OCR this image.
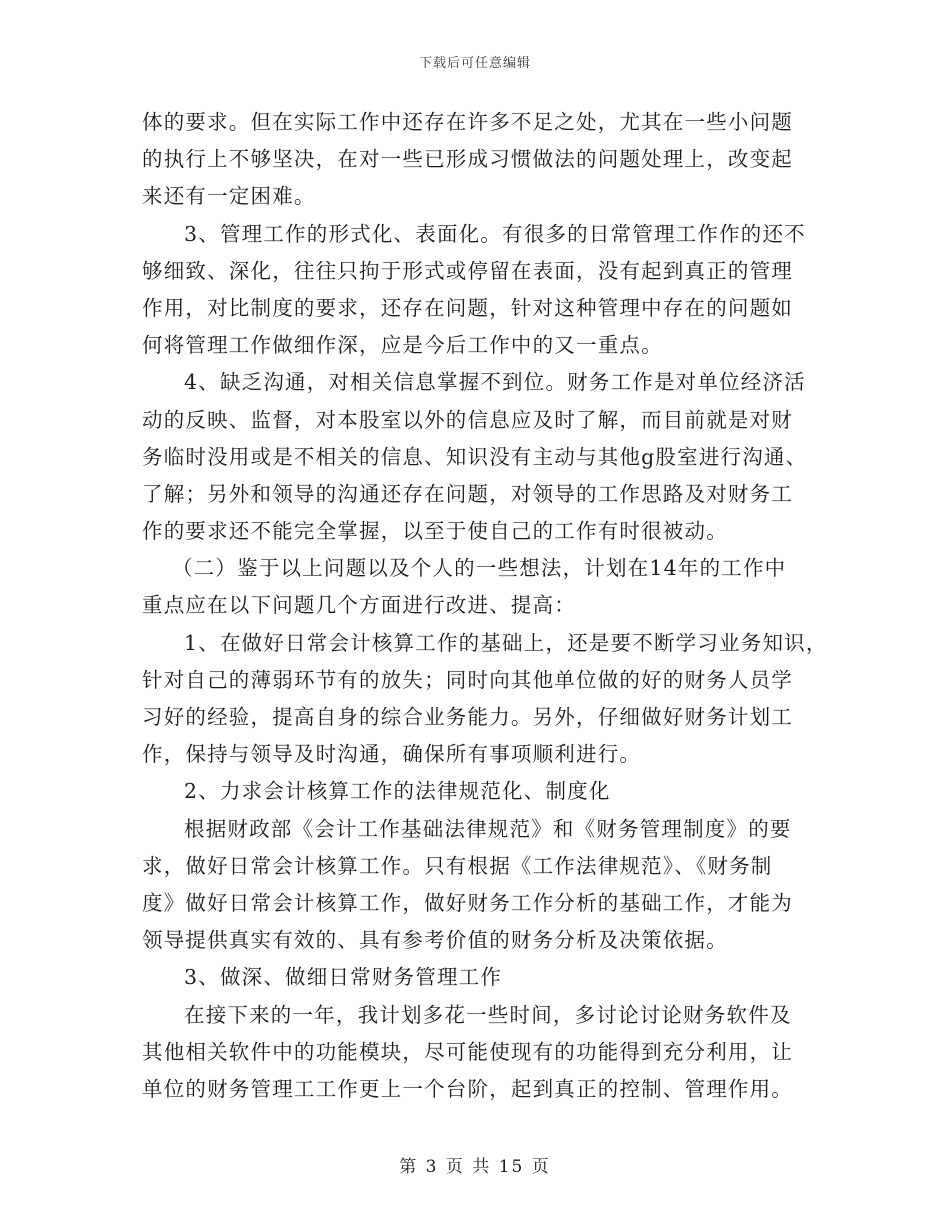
下载后可任意编辑
体的要求。但在实际工作中还存在许多不足之处，尤其在一些小问题
的执行上不够坚决，在对一些已形成习惯做法的问题处理上，改变起
来还有一定困难。
3、管理工作的形式化、表面化。有很多的日常管理工作作的还不
够细致、深化，往往只拘于形式或停留在表面，没有起到真正的管理
作用，对比制度的要求，还存在问题，针对这种管理中存在的问题如
何将管理工作做细作深，应是今后工作中的又一重点。
4、缺乏沟通，对相关信息掌握不到位。财务工作是对单位经济活
动的反映、监督，对本股室以外的信息应及时了解，而目前就是对财
务临时没用或是不相关的信息、知识没有主动与其他g股室进行沟通、
了解；另外和领导的沟通还存在问题，对领导的工作思路及对财务工
作的要求还不能完全掌握，以至于使自己的工作有时很被动。
（二）鉴于以上问题以及个人的一些想法，计划在14年的工作中
重点应在以下问题几个方面进行改进、提高：
1、在做好日常会计核算工作的基础上，还是要不断学习业务知识，
针对自己的薄弱环节有的放失；同时向其他单位做的好的财务人员学
习好的经验，提高自身的综合业务能力。另外，仔细做好财务计划工
作，保持与领导及时沟通，确保所有事项顺利进行。
2、力求会计核算工作的法律规范化、制度化
根据财政部《会计工作基础法律规范》和《财务管理制度》的要
求，做好日常会计核算工作。只有根据《工作法律规范》、《财务制
度》做好日常会计核算工作，做好财务工作分析的基础工作，才能为
领导提供真实有效的、具有参考价值的财务分析及决策依据。
3、做深、做细日常财务管理工作
在接下来的一年，我计划多花一些时间，多讨论讨论财务软件及
其他相关软件中的功能模块，尽可能使现有的功能得到充分利用，让
单位的财务管理工工作更上一个台阶，起到真正的控制、管理作用。
第 3 页 共 15 页
